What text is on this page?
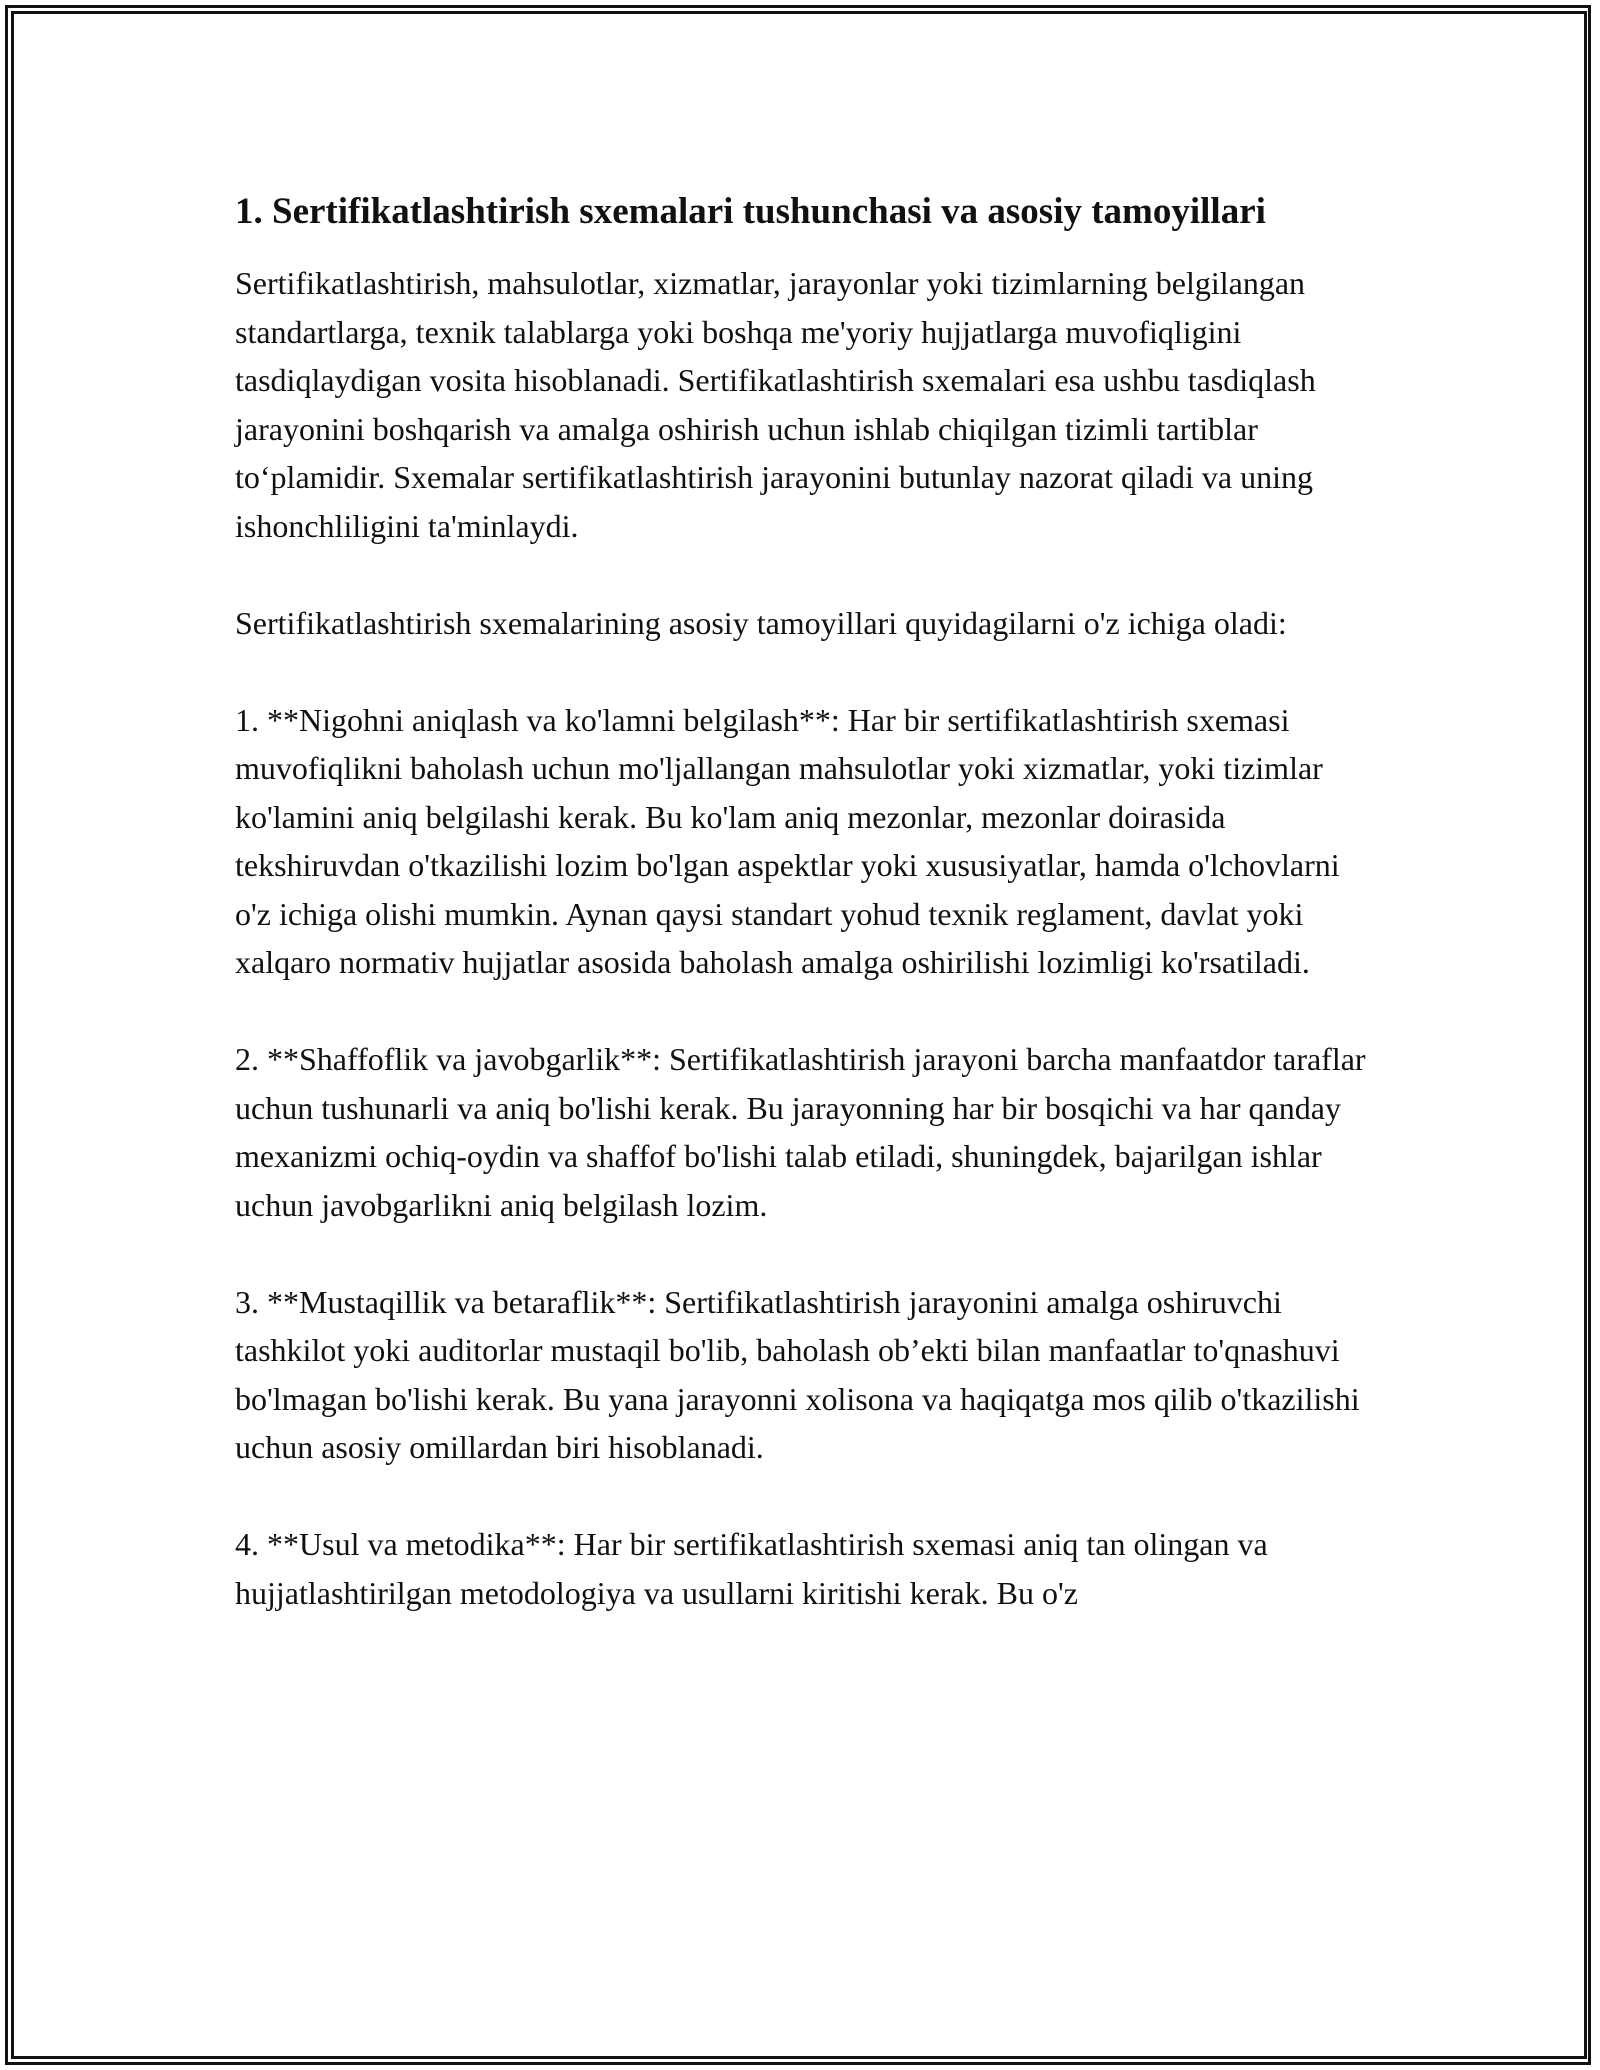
1. Sertifikatlashtirish sxemalari tushunchasi va asosiy tamoyillari

Sertifikatlashtirish, mahsulotlar, xizmatlar, jarayonlar yoki tizimlarning belgilangan standartlarga, texnik talablarga yoki boshqa me'yoriy hujjatlarga muvofiqligini tasdiqlaydigan vosita hisoblanadi. Sertifikatlashtirish sxemalari esa ushbu tasdiqlash jarayonini boshqarish va amalga oshirish uchun ishlab chiqilgan tizimli tartiblar to‘plamidir. Sxemalar sertifikatlashtirish jarayonini butunlay nazorat qiladi va uning ishonchliligini ta'minlaydi.

Sertifikatlashtirish sxemalarining asosiy tamoyillari quyidagilarni o'z ichiga oladi:

1. **Nigohni aniqlash va ko'lamni belgilash**: Har bir sertifikatlashtirish sxemasi muvofiqlikni baholash uchun mo'ljallangan mahsulotlar yoki xizmatlar, yoki tizimlar ko'lamini aniq belgilashi kerak. Bu ko'lam aniq mezonlar, mezonlar doirasida tekshiruvdan o'tkazilishi lozim bo'lgan aspektlar yoki xususiyatlar, hamda o'lchovlarni o'z ichiga olishi mumkin. Aynan qaysi standart yohud texnik reglament, davlat yoki xalqaro normativ hujjatlar asosida baholash amalga oshirilishi lozimligi ko'rsatiladi.

2. **Shaffoflik va javobgarlik**: Sertifikatlashtirish jarayoni barcha manfaatdor taraflar uchun tushunarli va aniq bo'lishi kerak. Bu jarayonning har bir bosqichi va har qanday mexanizmi ochiq-oydin va shaffof bo'lishi talab etiladi, shuningdek, bajarilgan ishlar uchun javobgarlikni aniq belgilash lozim.

3. **Mustaqillik va betaraflik**: Sertifikatlashtirish jarayonini amalga oshiruvchi tashkilot yoki auditorlar mustaqil bo'lib, baholash ob’ekti bilan manfaatlar to'qnashuvi bo'lmagan bo'lishi kerak. Bu yana jarayonni xolisona va haqiqatga mos qilib o'tkazilishi uchun asosiy omillardan biri hisoblanadi.

4. **Usul va metodika**: Har bir sertifikatlashtirish sxemasi aniq tan olingan va hujjatlashtirilgan metodologiya va usullarni kiritishi kerak. Bu o'z
